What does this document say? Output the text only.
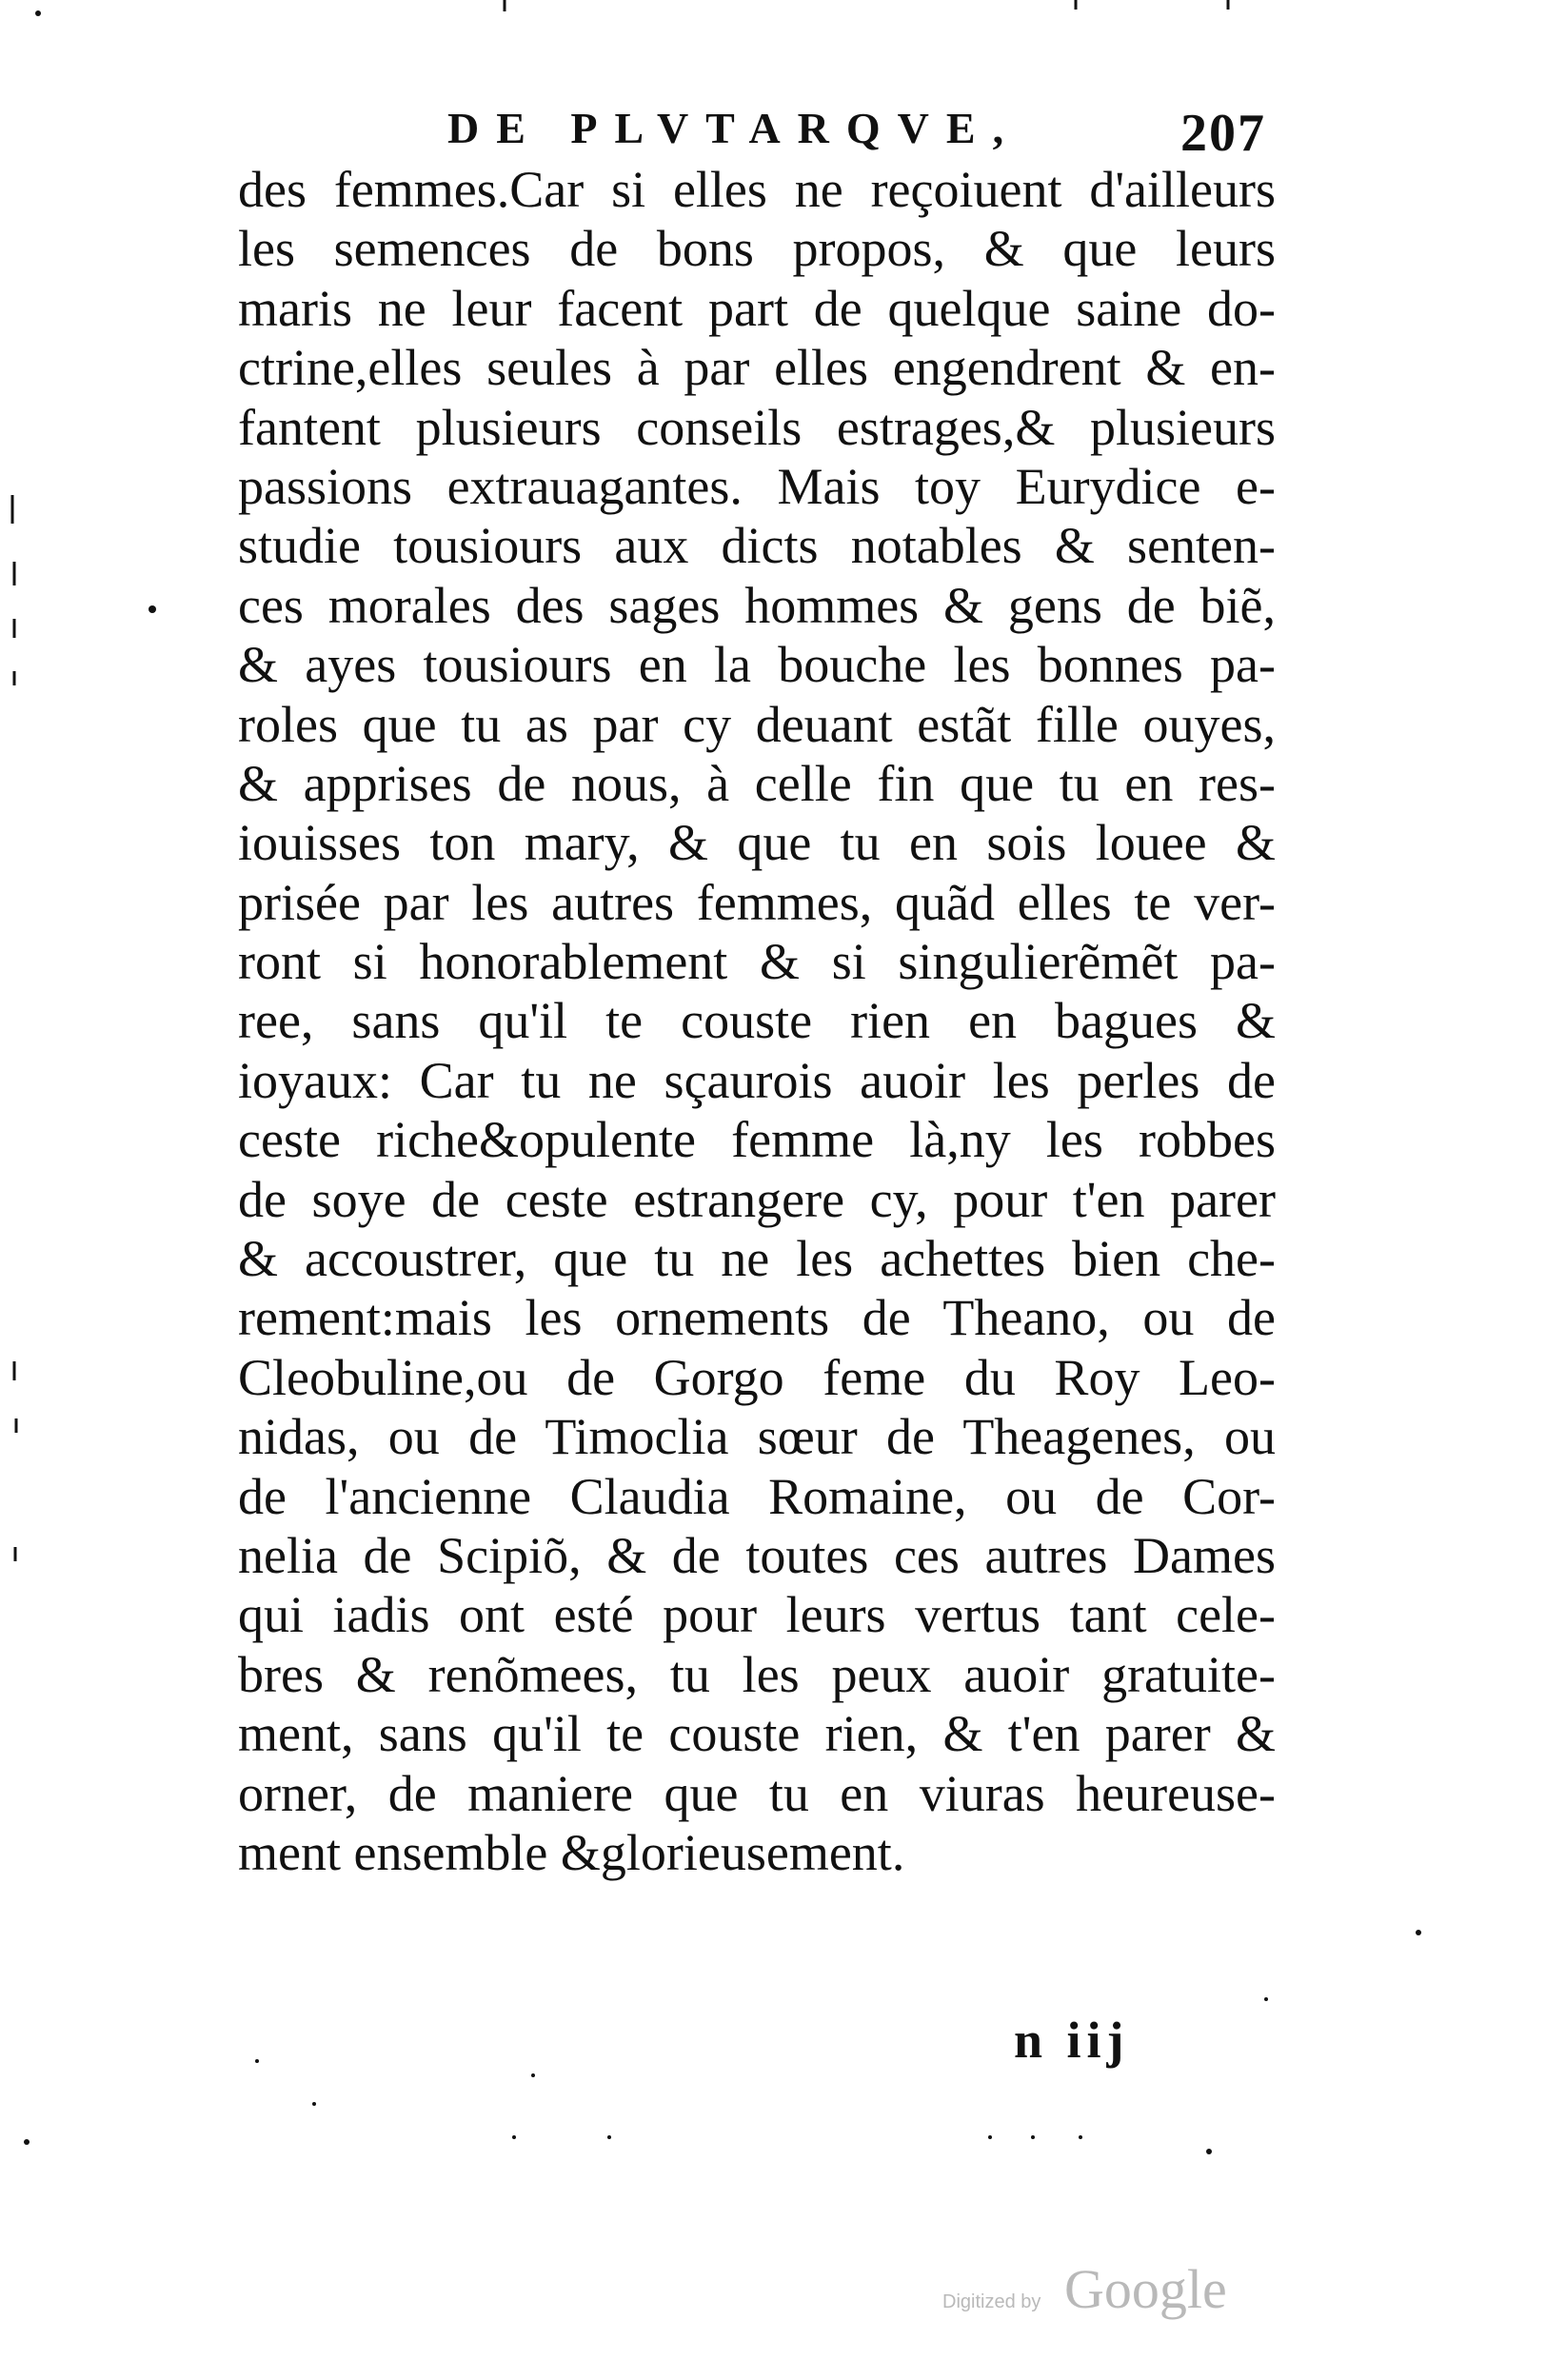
DE PLVTARQVE,	207
des femmes.Car si elles ne reçoiuent d'ailleurs
les semences de bons propos, & que leurs
maris ne leur facent part de quelque saine do-
ctrine,elles seules à par elles engendrent & en-
fantent plusieurs conseils estrages,& plusieurs
passions extrauagantes. Mais toy Eurydice e-
studie tousiours aux dicts notables & senten-
ces morales des sages hommes & gens de biẽ,
& ayes tousiours en la bouche les bonnes pa-
roles que tu as par cy deuant estãt fille ouyes,
& apprises de nous, à celle fin que tu en res-
iouisses ton mary, & que tu en sois louee &
prisée par les autres femmes, quãd elles te ver-
ront si honorablement & si singulierẽmẽt pa-
ree, sans qu'il te couste rien en bagues &
ioyaux: Car tu ne sçaurois auoir les perles de
ceste riche&opulente femme là,ny les robbes
de soye de ceste estrangere cy, pour t'en parer
& accoustrer, que tu ne les achettes bien che-
rement:mais les ornements de Theano, ou de
Cleobuline,ou de Gorgo feme du Roy Leo-
nidas, ou de Timoclia sœur de Theagenes, ou
de l'ancienne Claudia Romaine, ou de Cor-
nelia de Scipiõ, & de toutes ces autres Dames
qui iadis ont esté pour leurs vertus tant cele-
bres & renõmees, tu les peux auoir gratuite-
ment, sans qu'il te couste rien, & t'en parer &
orner, de maniere que tu en viuras heureuse-
ment ensemble &glorieusement.
n iij
Digitized by Google
